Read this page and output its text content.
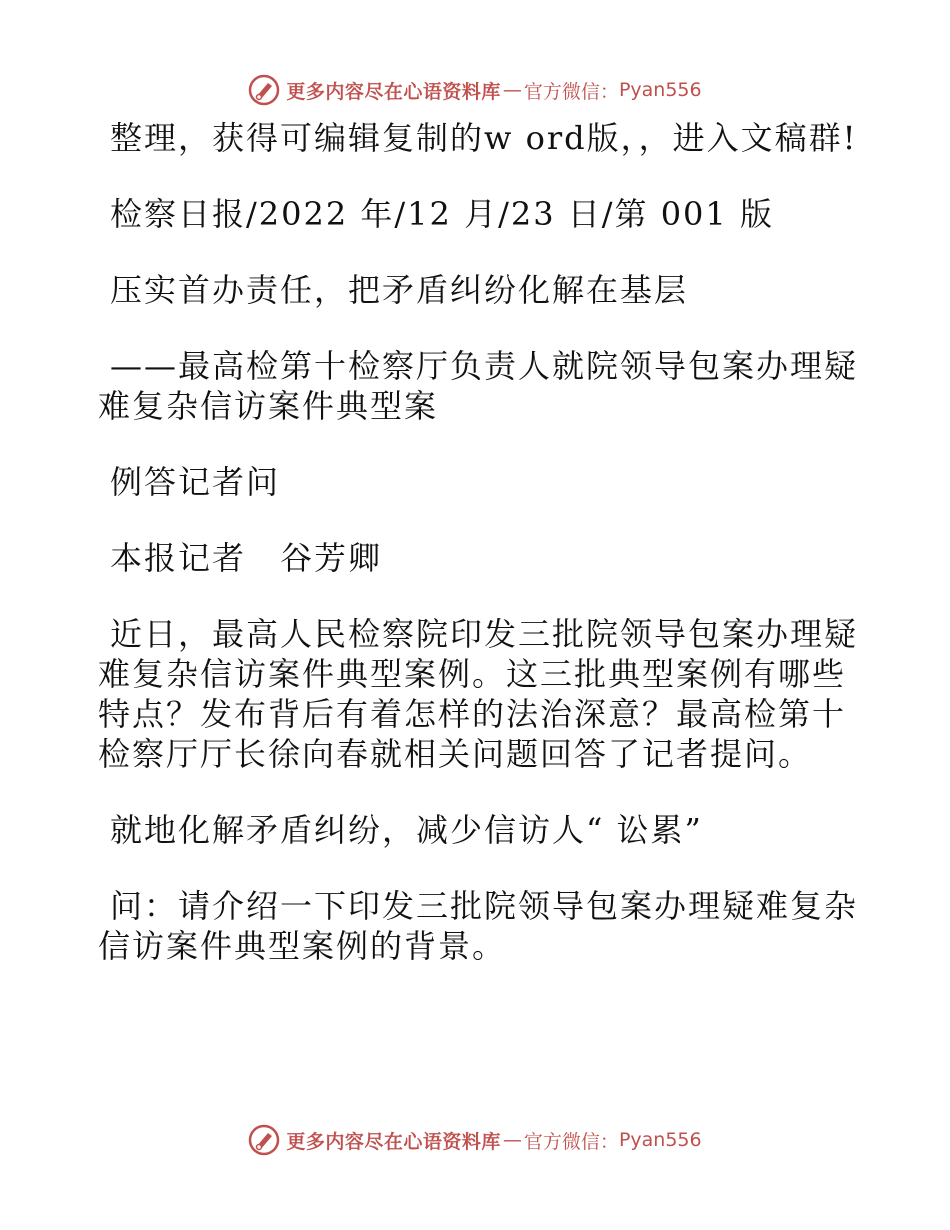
更多内容尽在心语资料库 — 官方微信： Pyan556

整理，获得可编辑复制的w ord版，，进入文稿群!

检察日报/2022 年/12 月/23 日/第 001 版

压实首办责任，把矛盾纠纷化解在基层

——最高检第十检察厅负责人就院领导包案办理疑难复杂信访案件典型案

例答记者问

本报记者　谷芳卿

近日，最高人民检察院印发三批院领导包案办理疑难复杂信访案件典型案例。这三批典型案例有哪些特点？发布背后有着怎样的法治深意？最高检第十检察厅厅长徐向春就相关问题回答了记者提问。

就地化解矛盾纠纷，减少信访人“ 讼累”

问：请介绍一下印发三批院领导包案办理疑难复杂信访案件典型案例的背景。

更多内容尽在心语资料库 — 官方微信： Pyan556
